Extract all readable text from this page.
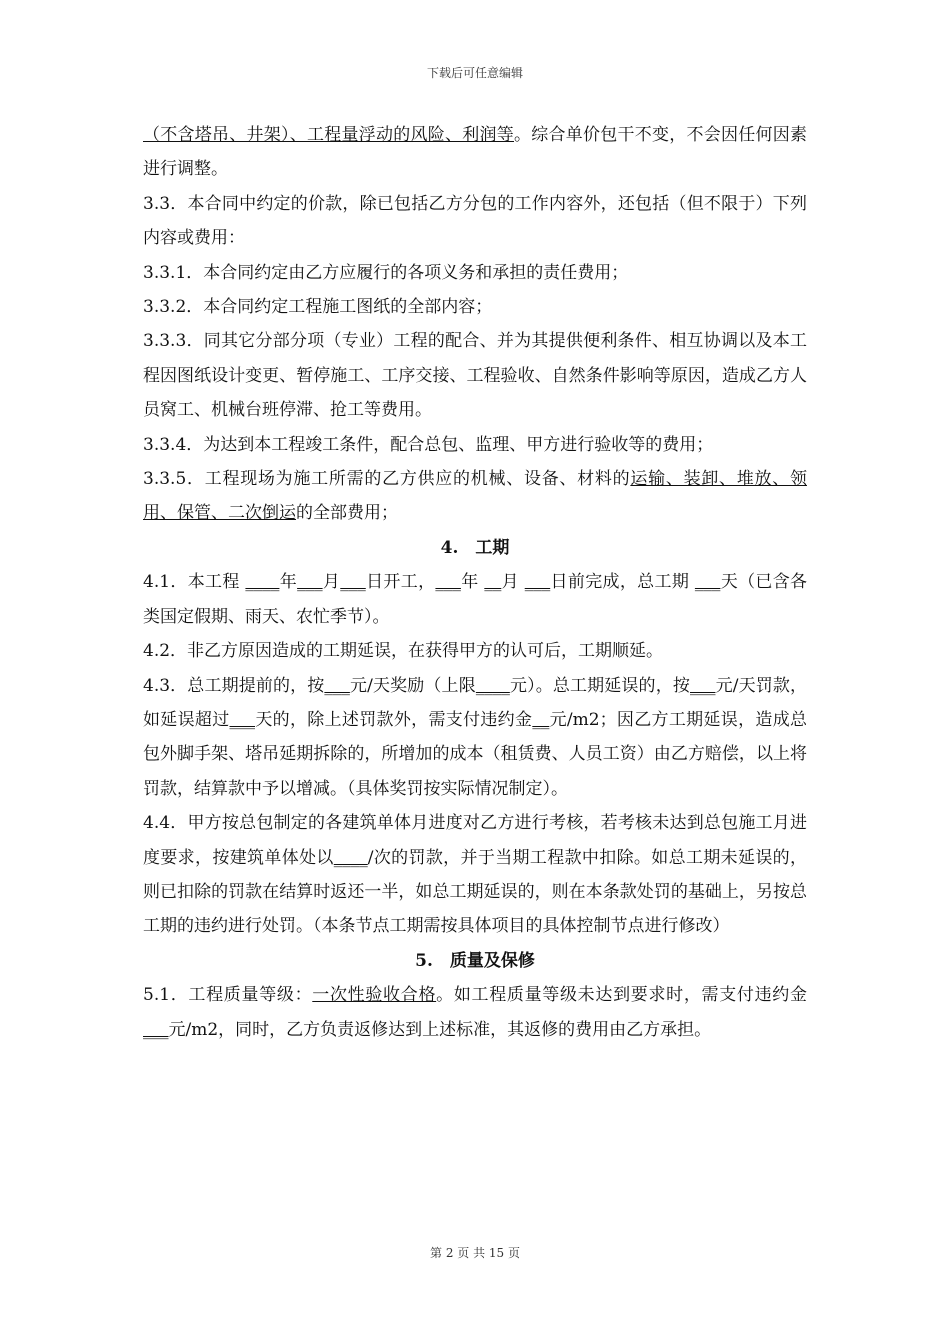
下载后可任意编辑

（不含塔吊、井架）、工程量浮动的风险、利润等。综合单价包干不变，不会因任何因素进行调整。

3.3．本合同中约定的价款，除已包括乙方分包的工作内容外，还包括（但不限于）下列内容或费用：

3.3.1．本合同约定由乙方应履行的各项义务和承担的责任费用；

3.3.2．本合同约定工程施工图纸的全部内容；

3.3.3．同其它分部分项（专业）工程的配合、并为其提供便利条件、相互协调以及本工程因图纸设计变更、暂停施工、工序交接、工程验收、自然条件影响等原因，造成乙方人员窝工、机械台班停滞、抢工等费用。

3.3.4．为达到本工程竣工条件，配合总包、监理、甲方进行验收等的费用；

3.3.5．工程现场为施工所需的乙方供应的机械、设备、材料的运输、装卸、堆放、领用、保管、二次倒运的全部费用；

4.　工期

4.1．本工程 ____年___月___日开工，___年 __月 ___日前完成，总工期 ___天（已含各类国定假期、雨天、农忙季节）。

4.2．非乙方原因造成的工期延误，在获得甲方的认可后，工期顺延。

4.3．总工期提前的，按___元/天奖励（上限____元）。总工期延误的，按___元/天罚款，如延误超过___天的，除上述罚款外，需支付违约金__元/m2；因乙方工期延误，造成总包外脚手架、塔吊延期拆除的，所增加的成本（租赁费、人员工资）由乙方赔偿，以上将罚款，结算款中予以增减。（具体奖罚按实际情况制定）。

4.4．甲方按总包制定的各建筑单体月进度对乙方进行考核，若考核未达到总包施工月进度要求，按建筑单体处以____/次的罚款，并于当期工程款中扣除。如总工期未延误的，则已扣除的罚款在结算时返还一半，如总工期延误的，则在本条款处罚的基础上，另按总工期的违约进行处罚。（本条节点工期需按具体项目的具体控制节点进行修改）

5.　质量及保修

5.1．工程质量等级：一次性验收合格。如工程质量等级未达到要求时，需支付违约金___元/m2，同时，乙方负责返修达到上述标准，其返修的费用由乙方承担。

第 2 页 共 15 页
